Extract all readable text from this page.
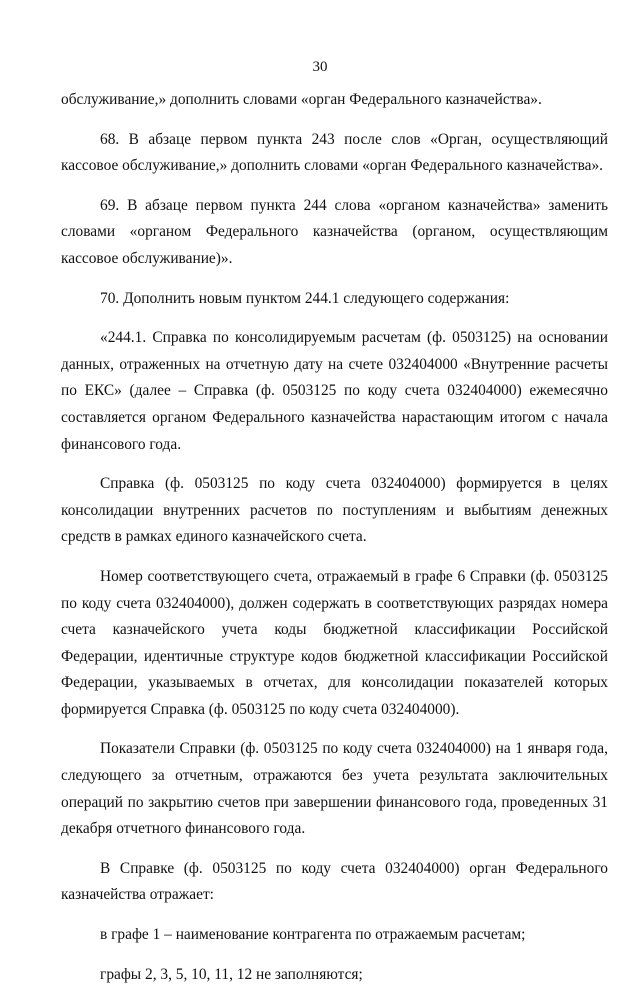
30

обслуживание,» дополнить словами «орган Федерального казначейства».

68. В абзаце первом пункта 243 после слов «Орган, осуществляющий кассовое обслуживание,» дополнить словами «орган Федерального казначейства».

69. В абзаце первом пункта 244 слова «органом казначейства» заменить словами «органом Федерального казначейства (органом, осуществляющим кассовое обслуживание)».

70. Дополнить новым пунктом 244.1 следующего содержания:

«244.1. Справка по консолидируемым расчетам (ф. 0503125) на основании данных, отраженных на отчетную дату на счете 032404000 «Внутренние расчеты по ЕКС» (далее – Справка (ф. 0503125 по коду счета 032404000) ежемесячно составляется органом Федерального казначейства нарастающим итогом с начала финансового года.

Справка (ф. 0503125 по коду счета 032404000) формируется в целях консолидации внутренних расчетов по поступлениям и выбытиям денежных средств в рамках единого казначейского счета.

Номер соответствующего счета, отражаемый в графе 6 Справки (ф. 0503125 по коду счета 032404000), должен содержать в соответствующих разрядах номера счета казначейского учета коды бюджетной классификации Российской Федерации, идентичные структуре кодов бюджетной классификации Российской Федерации, указываемых в отчетах, для консолидации показателей которых формируется Справка (ф. 0503125 по коду счета 032404000).

Показатели Справки (ф. 0503125 по коду счета 032404000) на 1 января года, следующего за отчетным, отражаются без учета результата заключительных операций по закрытию счетов при завершении финансового года, проведенных 31 декабря отчетного финансового года.

В Справке (ф. 0503125 по коду счета 032404000) орган Федерального казначейства отражает:

в графе 1 – наименование контрагента по отражаемым расчетам;

графы 2, 3, 5, 10, 11, 12 не заполняются;
